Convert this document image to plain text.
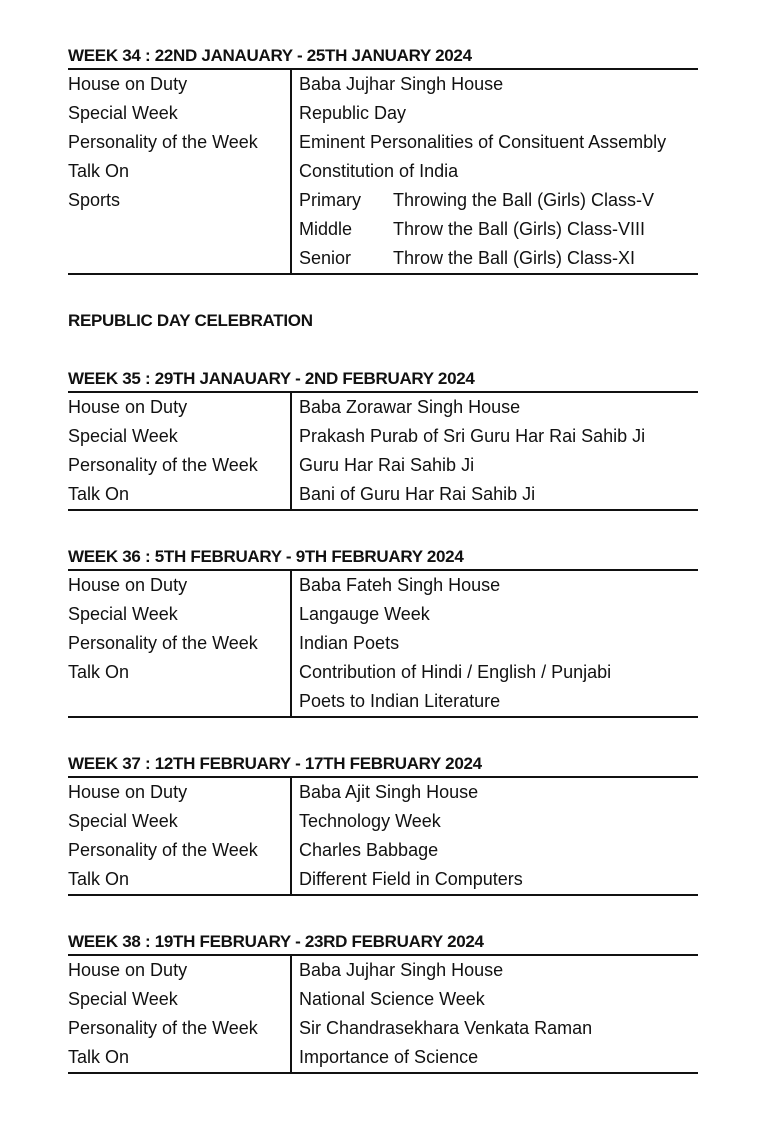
WEEK 34 : 22ND JANAUARY - 25TH JANUARY 2024
House on Duty	Baba Jujhar Singh House
Special Week	Republic Day
Personality of the Week	Eminent Personalities of Consituent Assembly
Talk On	Constitution of India
Sports	Primary Throwing the Ball (Girls) Class-V
	Middle Throw the Ball (Girls) Class-VIII
	Senior Throw the Ball (Girls) Class-XI
REPUBLIC DAY CELEBRATION
WEEK 35 : 29TH JANAUARY - 2ND FEBRUARY 2024
House on Duty	Baba Zorawar Singh House
Special Week	Prakash Purab of Sri Guru Har Rai Sahib Ji
Personality of the Week	Guru Har Rai Sahib Ji
Talk On	Bani of Guru Har Rai Sahib Ji
WEEK 36 : 5TH FEBRUARY - 9TH FEBRUARY 2024
House on Duty	Baba Fateh Singh House
Special Week	Langauge Week
Personality of the Week	Indian Poets
Talk On	Contribution of Hindi / English / Punjabi
	Poets to Indian Literature
WEEK 37 : 12TH FEBRUARY - 17TH FEBRUARY 2024
House on Duty	Baba Ajit Singh House
Special Week	Technology Week
Personality of the Week	Charles Babbage
Talk On	Different Field in Computers
WEEK 38 : 19TH FEBRUARY - 23RD FEBRUARY 2024
House on Duty	Baba Jujhar Singh House
Special Week	National Science Week
Personality of the Week	Sir Chandrasekhara Venkata Raman
Talk On	Importance of Science
